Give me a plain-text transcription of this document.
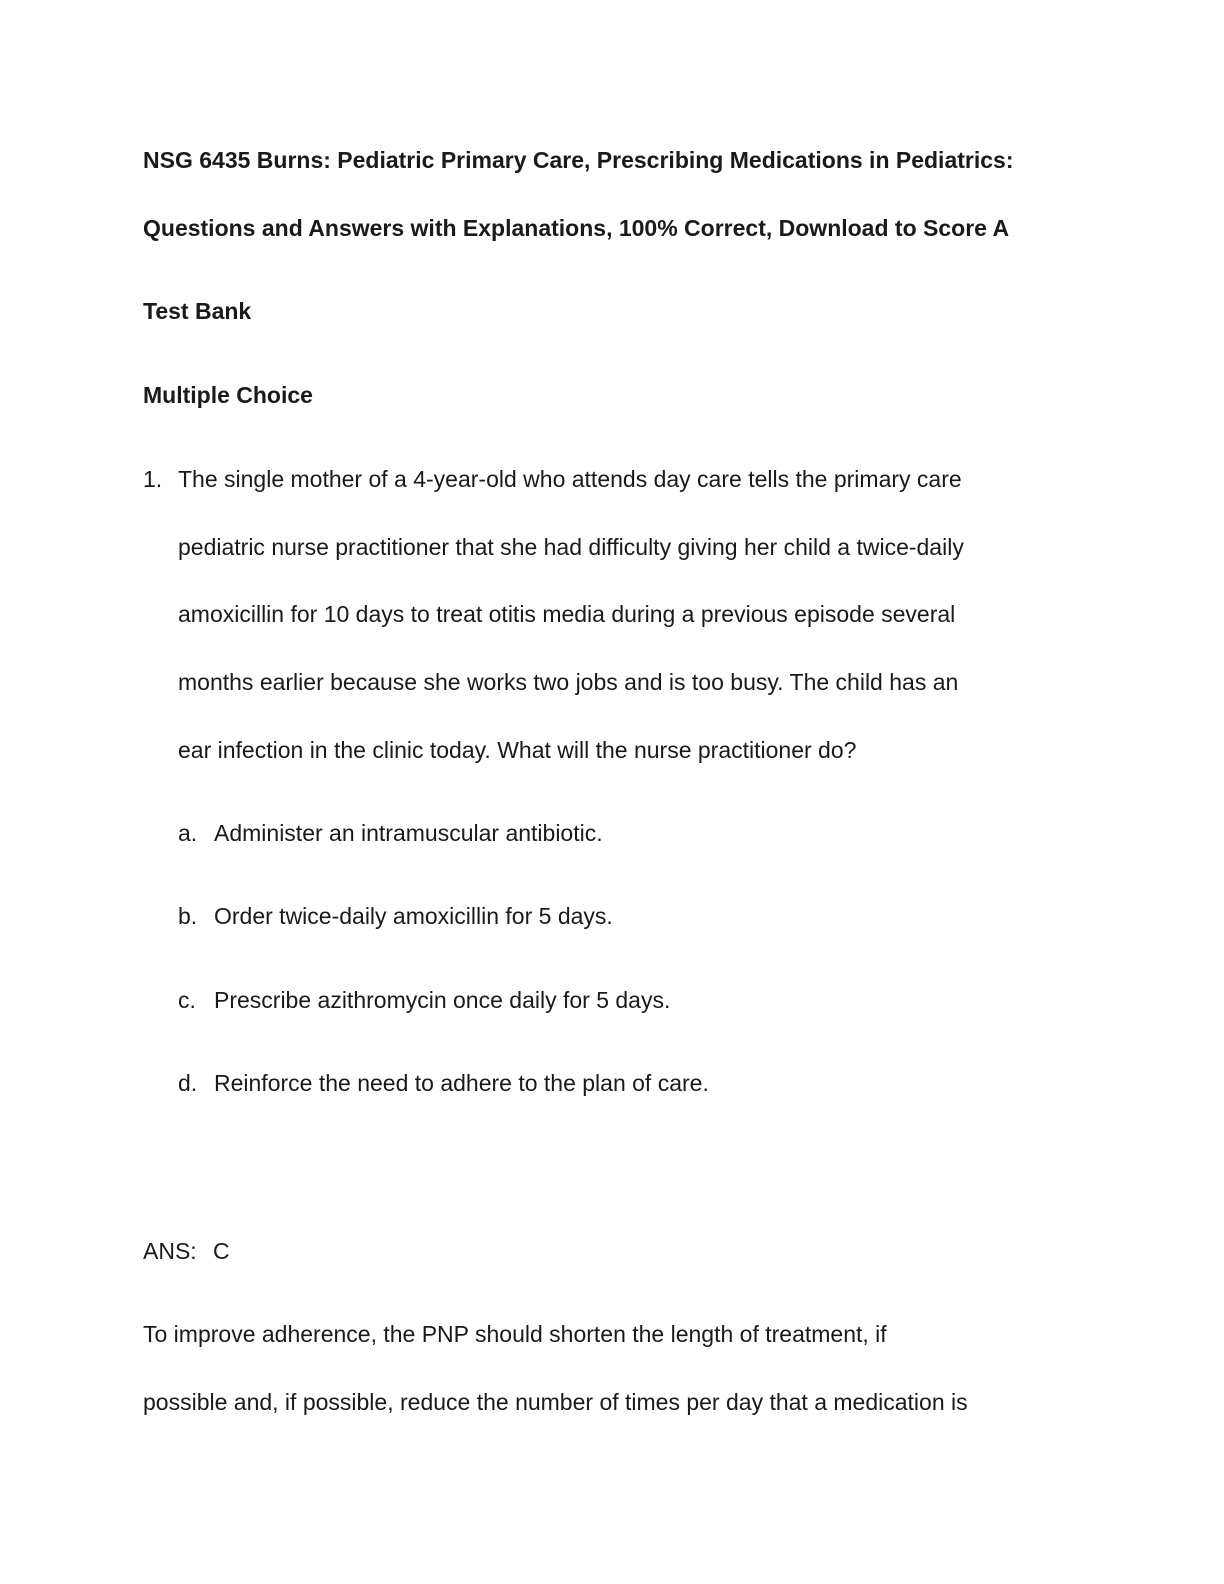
NSG 6435 Burns: Pediatric Primary Care, Prescribing Medications in Pediatrics:
Questions and Answers with Explanations, 100% Correct, Download to Score A
Test Bank
Multiple Choice
1. The single mother of a 4-year-old who attends day care tells the primary care
pediatric nurse practitioner that she had difficulty giving her child a twice-daily
amoxicillin for 10 days to treat otitis media during a previous episode several
months earlier because she works two jobs and is too busy. The child has an
ear infection in the clinic today. What will the nurse practitioner do?
a. Administer an intramuscular antibiotic.
b. Order twice-daily amoxicillin for 5 days.
c. Prescribe azithromycin once daily for 5 days.
d. Reinforce the need to adhere to the plan of care.
ANS: C
To improve adherence, the PNP should shorten the length of treatment, if
possible and, if possible, reduce the number of times per day that a medication is
